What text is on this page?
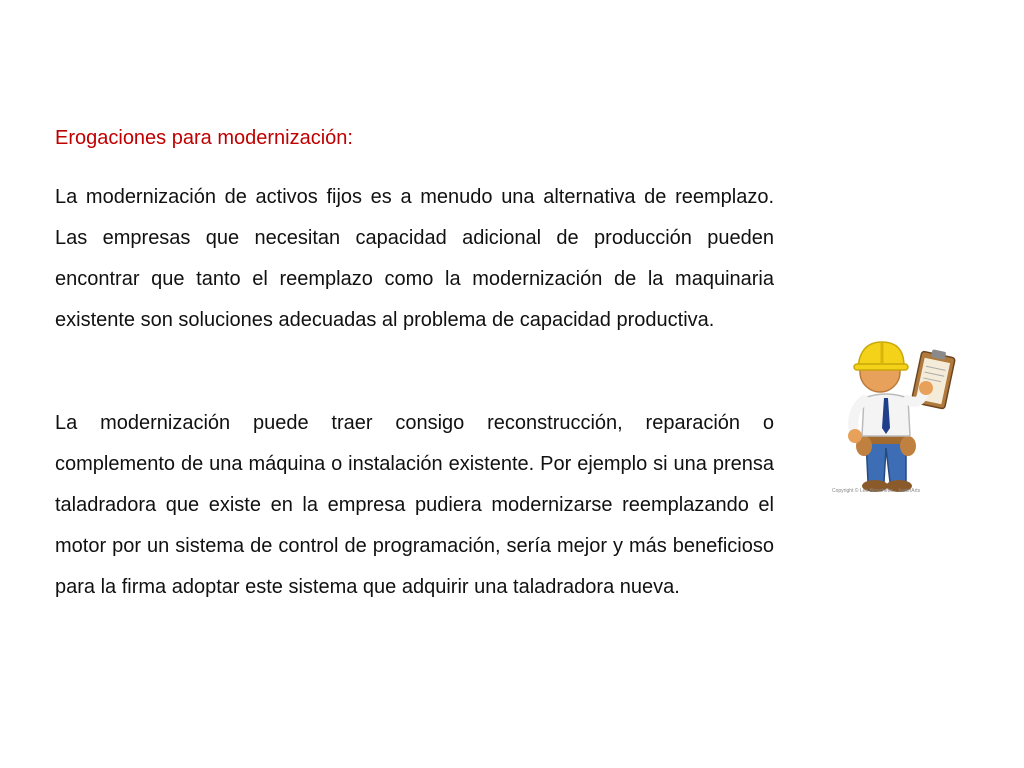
Erogaciones para modernización:

La modernización de activos fijos es a menudo una alternativa de reemplazo. Las empresas que necesitan capacidad adicional de producción pueden encontrar que tanto el reemplazo como la modernización de la maquinaria existente son soluciones adecuadas al problema de capacidad productiva.

La modernización puede traer consigo reconstrucción, reparación o complemento de una máquina o instalación existente. Por ejemplo si una prensa taladradora que existe en la empresa pudiera modernizarse reemplazando el motor por un sistema de control de programación, sería mejor y más beneficioso para la firma adoptar este sistema que adquirir una taladradora nueva.

Copyright © Leo Blanchette · JesterArts
